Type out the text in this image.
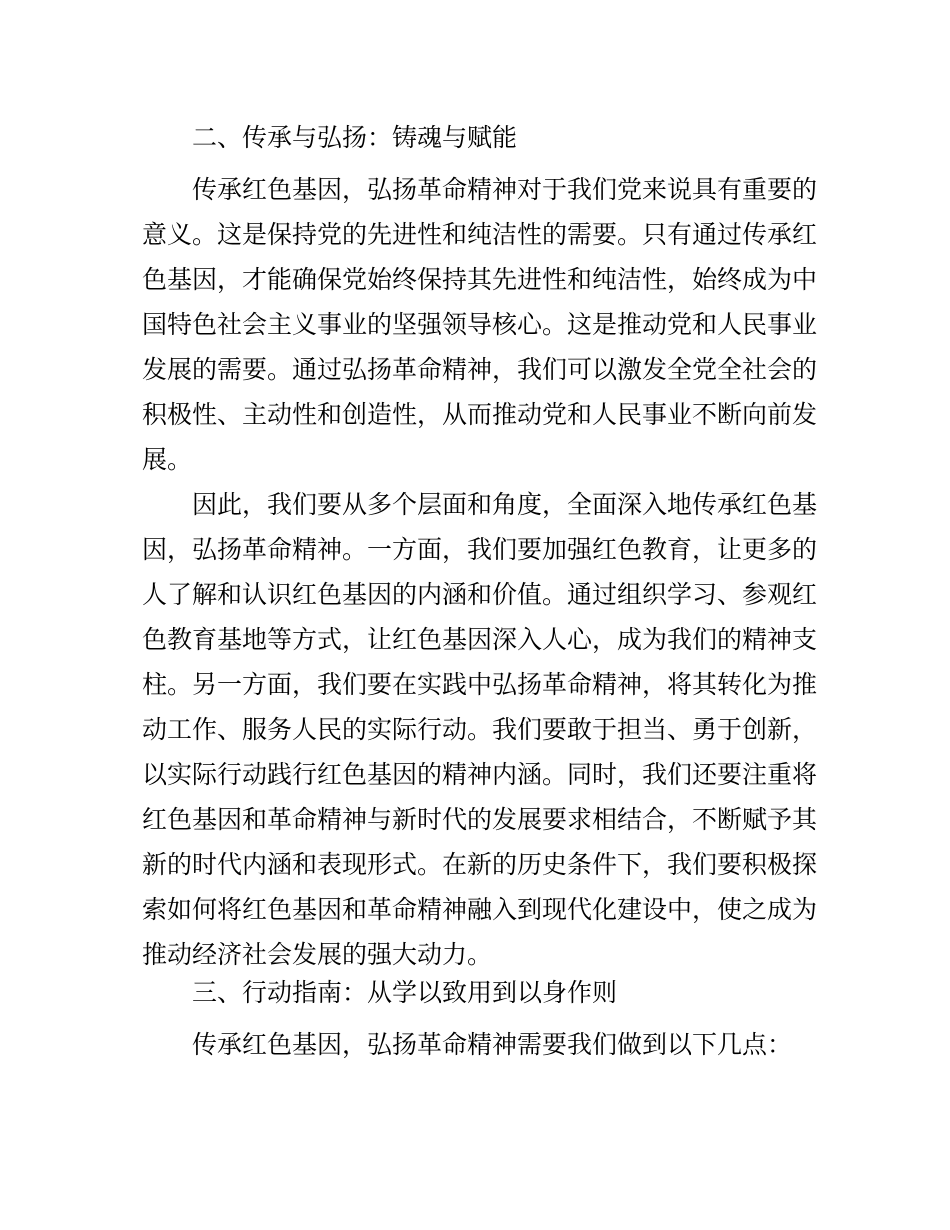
二、传承与弘扬：铸魂与赋能
传承红色基因，弘扬革命精神对于我们党来说具有重要的
意义。这是保持党的先进性和纯洁性的需要。只有通过传承红
色基因，才能确保党始终保持其先进性和纯洁性，始终成为中
国特色社会主义事业的坚强领导核心。这是推动党和人民事业
发展的需要。通过弘扬革命精神，我们可以激发全党全社会的
积极性、主动性和创造性，从而推动党和人民事业不断向前发
展。
因此，我们要从多个层面和角度，全面深入地传承红色基
因，弘扬革命精神。一方面，我们要加强红色教育，让更多的
人了解和认识红色基因的内涵和价值。通过组织学习、参观红
色教育基地等方式，让红色基因深入人心，成为我们的精神支
柱。另一方面，我们要在实践中弘扬革命精神，将其转化为推
动工作、服务人民的实际行动。我们要敢于担当、勇于创新，
以实际行动践行红色基因的精神内涵。同时，我们还要注重将
红色基因和革命精神与新时代的发展要求相结合，不断赋予其
新的时代内涵和表现形式。在新的历史条件下，我们要积极探
索如何将红色基因和革命精神融入到现代化建设中，使之成为
推动经济社会发展的强大动力。
三、行动指南：从学以致用到以身作则
传承红色基因，弘扬革命精神需要我们做到以下几点：
